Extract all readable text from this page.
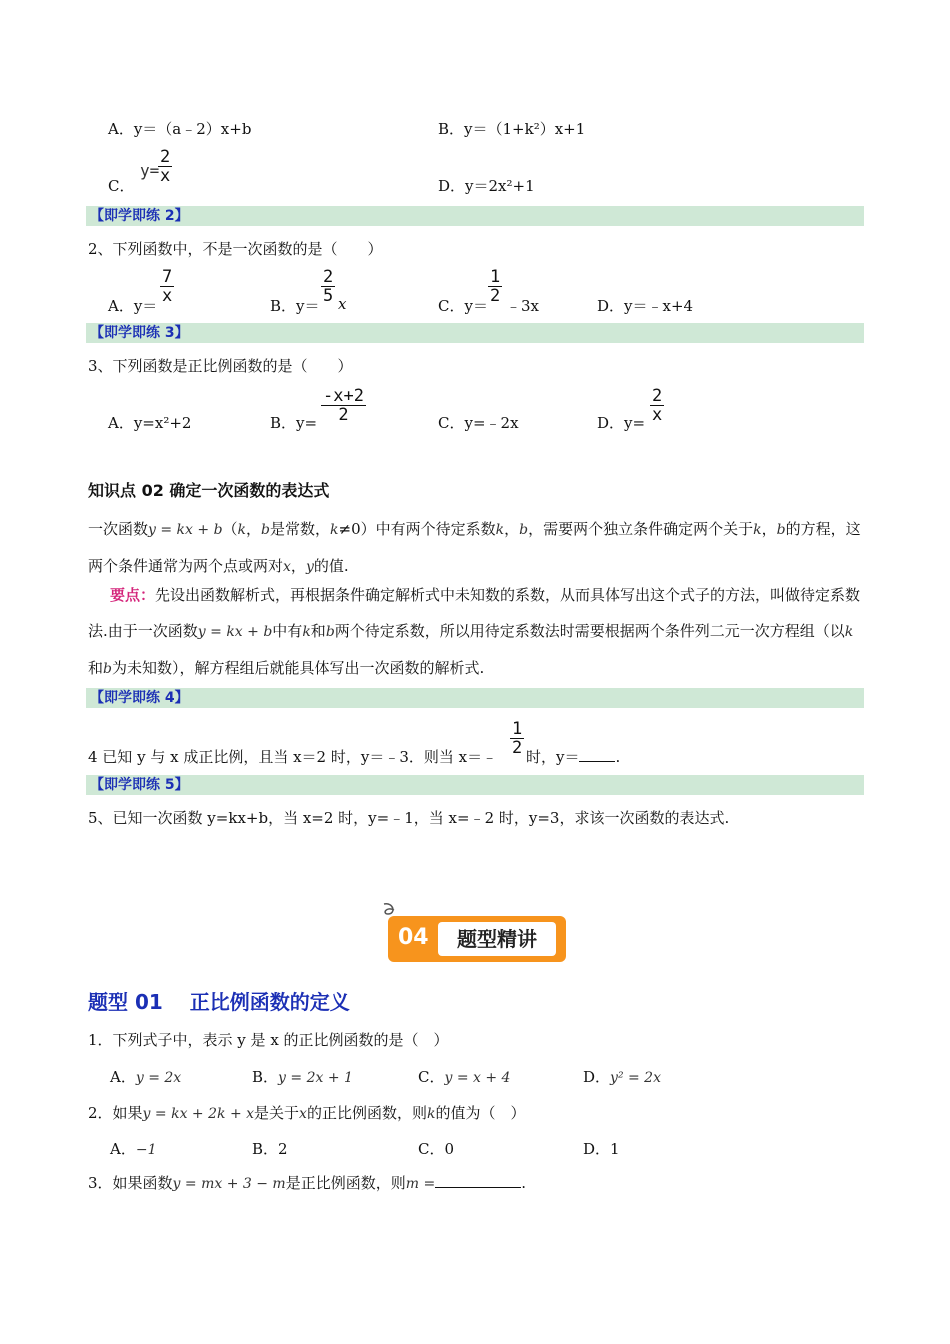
A．y＝（a﹣2）x+b	B．y＝（1+k²）x+1
C．
y=
$\frac{2}{x}$
D．y＝2x²+1
【即学即练 2】
2、下列函数中，不是一次函数的是（　　）
A．y＝
$\frac{7}{x}$
B．y＝
$\frac{2}{5}$ x	C．y＝
$\frac{1}{2}$
﹣3x	D．y＝﹣x+4
【即学即练 3】
3、下列函数是正比例函数的是（　　）
A．y=x²+2	B．$y= \frac{-x+2}{2}$	C．y=﹣2x	D．$y= \frac{2}{x}$
知识点 02 确定一次函数的表达式
一次函数y = kx + b（k，b是常数，k≠0）中有两个待定系数k，b，需要两个独立条件确定两个关于k，b的方程，这两个条件通常为两个点或两对x，y的值.
要点：先设出函数解析式，再根据条件确定解析式中未知数的系数，从而具体写出这个式子的方法，叫做待定系数法.由于一次函数y = kx + b中有k和b两个待定系数，所以用待定系数法时需要根据两个条件列二元一次方程组（以k和b为未知数），解方程组后就能具体写出一次函数的解析式.
【即学即练 4】
4 已知 y 与 x 成正比例，且当 x＝2 时，y＝﹣3．则当 x＝﹣ $\frac{1}{2}$ 时，y＝ .
【即学即练 5】
5、已知一次函数 y=kx+b，当 x=2 时，y=﹣1，当 x=﹣2 时，y=3，求该一次函数的表达式.
04	题型精讲
题型 01　 正比例函数的定义
1．下列式子中，表示 y 是 x 的正比例函数的是（　）
A．y = 2x	B．y = 2x + 1	C．y = x + 4	D．y² = 2x
2．如果y = kx + 2k + x是关于x的正比例函数，则k的值为（　）
A．−1	B．2	C．0	D．1
3．如果函数y = mx + 3 − m是正比例函数，则m =	.
